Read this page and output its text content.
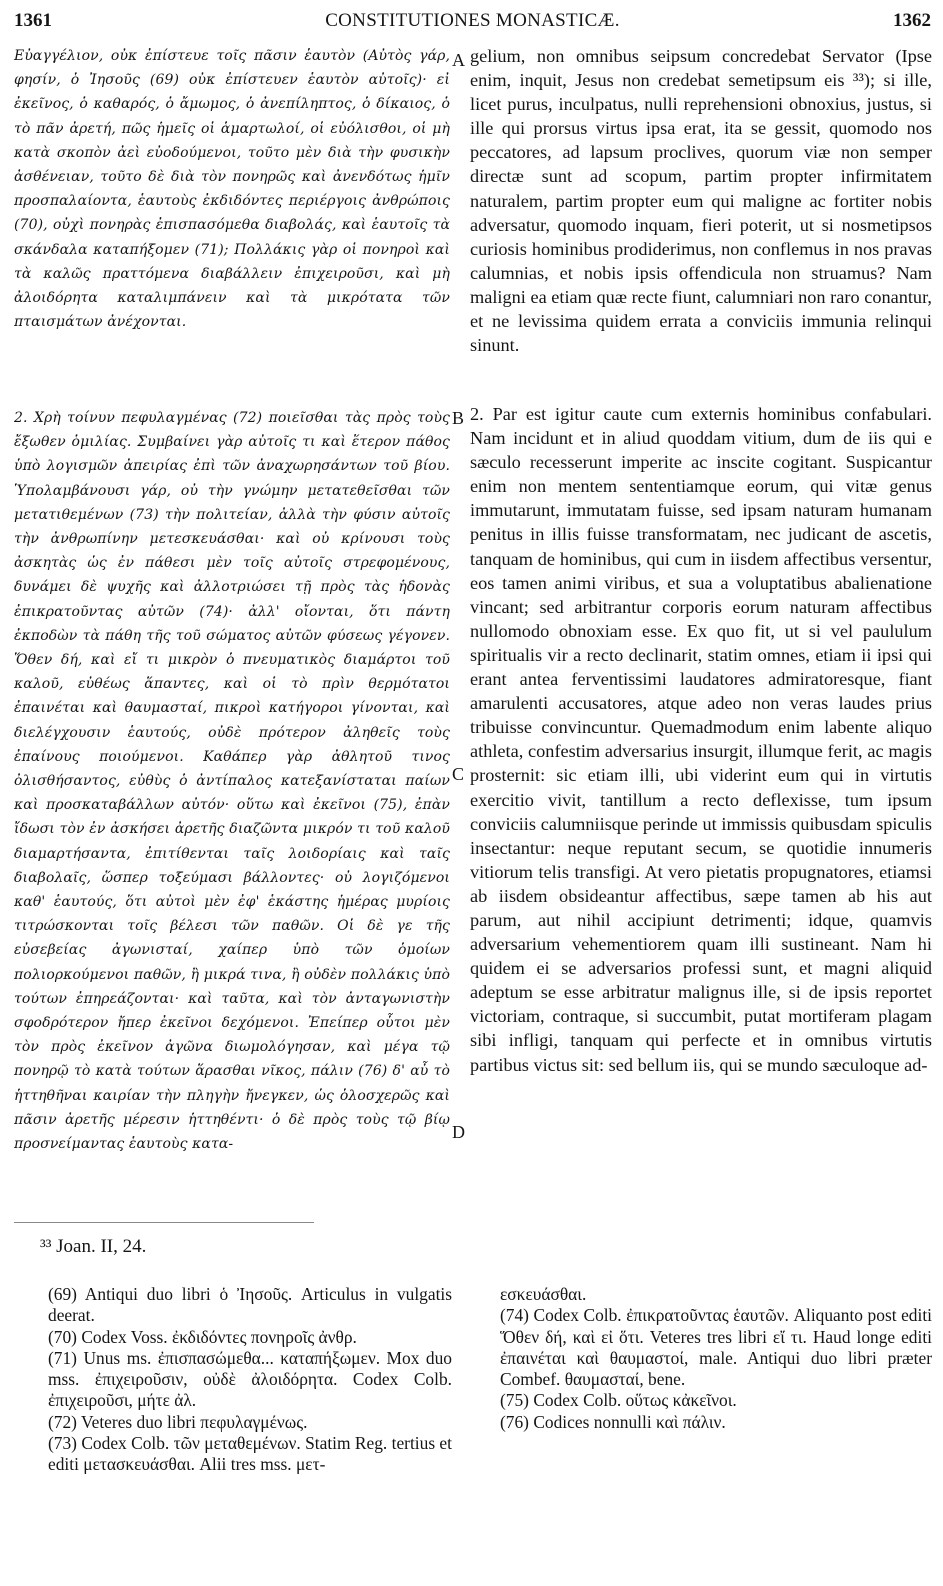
1361	CONSTITUTIONES MONASTICÆ.	1362

Εὐαγγέλιον, οὐκ ἐπίστευε τοῖς πᾶσιν ἑαυτὸν (Αὐτὸς γάρ, φησίν, ὁ Ἰησοῦς (69) οὐκ ἐπίστευεν ἑαυτὸν αὐτοῖς)· εἰ ἐκεῖνος, ὁ καθαρός, ὁ ἄμωμος, ὁ ἀνεπίληπτος, ὁ δίκαιος, ὁ τὸ πᾶν ἀρετή, πῶς ἡμεῖς οἱ ἁμαρτωλοί, οἱ εὐόλισθοι, οἱ μὴ κατὰ σκοπὸν ἀεὶ εὐοδούμενοι, τοῦτο μὲν διὰ τὴν φυσικὴν ἀσθένειαν, τοῦτο δὲ διὰ τὸν πονηρῶς καὶ ἀνενδότως ἡμῖν προσπαλαίοντα, ἑαυτοὺς ἐκδιδόντες περιέργοις ἀνθρώποις (70), οὐχὶ πονηρὰς ἐπισπασόμεθα διαβολάς, καὶ ἑαυτοῖς τὰ σκάνδαλα καταπήξομεν (71); Πολλάκις γὰρ οἱ πονηροὶ καὶ τὰ καλῶς πραττόμενα διαβάλλειν ἐπιχειροῦσι, καὶ μὴ ἀλοιδόρητα καταλιμπάνειν καὶ τὰ μικρότατα τῶν πταισμάτων ἀνέχονται.

2. Χρὴ τοίνυν πεφυλαγμένας (72) ποιεῖσθαι τὰς πρὸς τοὺς ἔξωθεν ὁμιλίας. Συμβαίνει γὰρ αὐτοῖς τι καὶ ἕτερον πάθος ὑπὸ λογισμῶν ἀπειρίας ἐπὶ τῶν ἀναχωρησάντων τοῦ βίου. Ὑπολαμβάνουσι γάρ, οὐ τὴν γνώμην μετατεθεῖσθαι τῶν μετατιθεμένων (73) τὴν πολιτείαν, ἀλλὰ τὴν φύσιν αὐτοῖς τὴν ἀνθρωπίνην μετεσκευάσθαι· καὶ οὐ κρίνουσι τοὺς ἀσκητὰς ὡς ἐν πάθεσι μὲν τοῖς αὐτοῖς στρεφομένους, δυνάμει δὲ ψυχῆς καὶ ἀλλοτριώσει τῇ πρὸς τὰς ἡδονὰς ἐπικρατοῦντας αὐτῶν (74)· ἀλλ' οἴονται, ὅτι πάντη ἐκποδὼν τὰ πάθη τῆς τοῦ σώματος αὐτῶν φύσεως γέγονεν. Ὅθεν δή, καὶ εἴ τι μικρὸν ὁ πνευματικὸς διαμάρτοι τοῦ καλοῦ, εὐθέως ἅπαντες, καὶ οἱ τὸ πρὶν θερμότατοι ἐπαινέται καὶ θαυμασταί, πικροὶ κατήγοροι γίνονται, καὶ διελέγχουσιν ἑαυτούς, οὐδὲ πρότερον ἀληθεῖς τοὺς ἐπαίνους ποιούμενοι. Καθάπερ γὰρ ἀθλητοῦ τινος ὀλισθήσαντος, εὐθὺς ὁ ἀντίπαλος κατεξανίσταται παίων καὶ προσκαταβάλλων αὐτόν· οὕτω καὶ ἐκεῖνοι (75), ἐπὰν ἴδωσι τὸν ἐν ἀσκήσει ἀρετῆς διαζῶντα μικρόν τι τοῦ καλοῦ διαμαρτήσαντα, ἐπιτίθενται ταῖς λοιδορίαις καὶ ταῖς διαβολαῖς, ὥσπερ τοξεύμασι βάλλοντες· οὐ λογιζόμενοι καθ' ἑαυτούς, ὅτι αὐτοὶ μὲν ἐφ' ἑκάστης ἡμέρας μυρίοις τιτρώσκονται τοῖς βέλεσι τῶν παθῶν. Οἱ δὲ γε τῆς εὐσεβείας ἀγωνισταί, χαίπερ ὑπὸ τῶν ὁμοίων πολιορκούμενοι παθῶν, ἢ μικρά τινα, ἢ οὐδὲν πολλάκις ὑπὸ τούτων ἐπηρεάζονται· καὶ ταῦτα, καὶ τὸν ἀνταγωνιστὴν σφοδρότερον ἤπερ ἐκεῖνοι δεχόμενοι. Ἐπείπερ οὗτοι μὲν τὸν πρὸς ἐκεῖνον ἀγῶνα διωμολόγησαν, καὶ μέγα τῷ πονηρῷ τὸ κατὰ τούτων ἅρασθαι νῖκος, πάλιν (76) δ' αὖ τὸ ἡττηθῆναι καιρίαν τὴν πληγὴν ἤνεγκεν, ὡς ὁλοσχερῶς καὶ πᾶσιν ἀρετῆς μέρεσιν ἡττηθέντι· ὁ δὲ πρὸς τοὺς τῷ βίῳ προσνείμαντας ἑαυτοὺς κατα-

A
B
C
D

gelium, non omnibus seipsum concredebat Servator (Ipse enim, inquit, Jesus non credebat semetipsum eis ³³); si ille, licet purus, inculpatus, nulli reprehensioni obnoxius, justus, si ille qui prorsus virtus ipsa erat, ita se gessit, quomodo nos peccatores, ad lapsum proclives, quorum viæ non semper directæ sunt ad scopum, partim propter infirmitatem naturalem, partim propter eum qui maligne ac fortiter nobis adversatur, quomodo inquam, fieri poterit, ut si nosmetipsos curiosis hominibus prodiderimus, non conflemus in nos pravas calumnias, et nobis ipsis offendicula non struamus? Nam maligni ea etiam quæ recte fiunt, calumniari non raro conantur, et ne levissima quidem errata a conviciis immunia relinqui sinunt.

2. Par est igitur caute cum externis hominibus confabulari. Nam incidunt et in aliud quoddam vitium, dum de iis qui e sæculo recesserunt imperite ac inscite cogitant. Suspicantur enim non mentem sententiamque eorum, qui vitæ genus immutarunt, immutatam fuisse, sed ipsam naturam humanam penitus in illis fuisse transformatam, nec judicant de ascetis, tanquam de hominibus, qui cum in iisdem affectibus versentur, eos tamen animi viribus, et sua a voluptatibus abalienatione vincant; sed arbitrantur corporis eorum naturam affectibus nullomodo obnoxiam esse. Ex quo fit, ut si vel paululum spiritualis vir a recto declinarit, statim omnes, etiam ii ipsi qui erant antea ferventissimi laudatores admiratoresque, fiant amarulenti accusatores, atque adeo non veras laudes prius tribuisse convincuntur. Quemadmodum enim labente aliquo athleta, confestim adversarius insurgit, illumque ferit, ac magis prosternit: sic etiam illi, ubi viderint eum qui in virtutis exercitio vivit, tantillum a recto deflexisse, tum ipsum conviciis calumniisque perinde ut immissis quibusdam spiculis insectantur: neque reputant secum, se quotidie innumeris vitiorum telis transfigi. At vero pietatis propugnatores, etiamsi ab iisdem obsideantur affectibus, sæpe tamen ab his aut parum, aut nihil accipiunt detrimenti; idque, quamvis adversarium vehementiorem quam illi sustineant. Nam hi quidem ei se adversarios professi sunt, et magni aliquid adeptum se esse arbitratur malignus ille, si de ipsis reportet victoriam, contraque, si succumbit, putat mortiferam plagam sibi infligi, tanquam qui perfecte et in omnibus virtutis partibus victus sit: sed bellum iis, qui se mundo sæculoque ad-

³³ Joan. II, 24.
(69) Antiqui duo libri ὁ Ἰησοῦς. Articulus in vulgatis deerat.
(70) Codex Voss. ἐκδιδόντες πονηροῖς ἀνθρ.
(71) Unus ms. ἐπισπασώμεθα... καταπήξωμεν. Mox duo mss. ἐπιχειροῦσιν, οὐδὲ ἀλοιδόρητα. Codex Colb. ἐπιχειροῦσι, μήτε ἀλ.
(72) Veteres duo libri πεφυλαγμένως.
(73) Codex Colb. τῶν μεταθεμένων. Statim Reg. tertius et editi μετασκευάσθαι. Alii tres mss. μετ-
εσκευάσθαι.
(74) Codex Colb. ἐπικρατοῦντας ἑαυτῶν. Aliquanto post editi Ὅθεν δή, καὶ εἰ ὅτι. Veteres tres libri εἴ τι. Haud longe editi ἐπαινέται καὶ θαυμαστοί, male. Antiqui duo libri præter Combef. θαυμασταί, bene.
(75) Codex Colb. οὕτως κἀκεῖνοι.
(76) Codices nonnulli καὶ πάλιν.
